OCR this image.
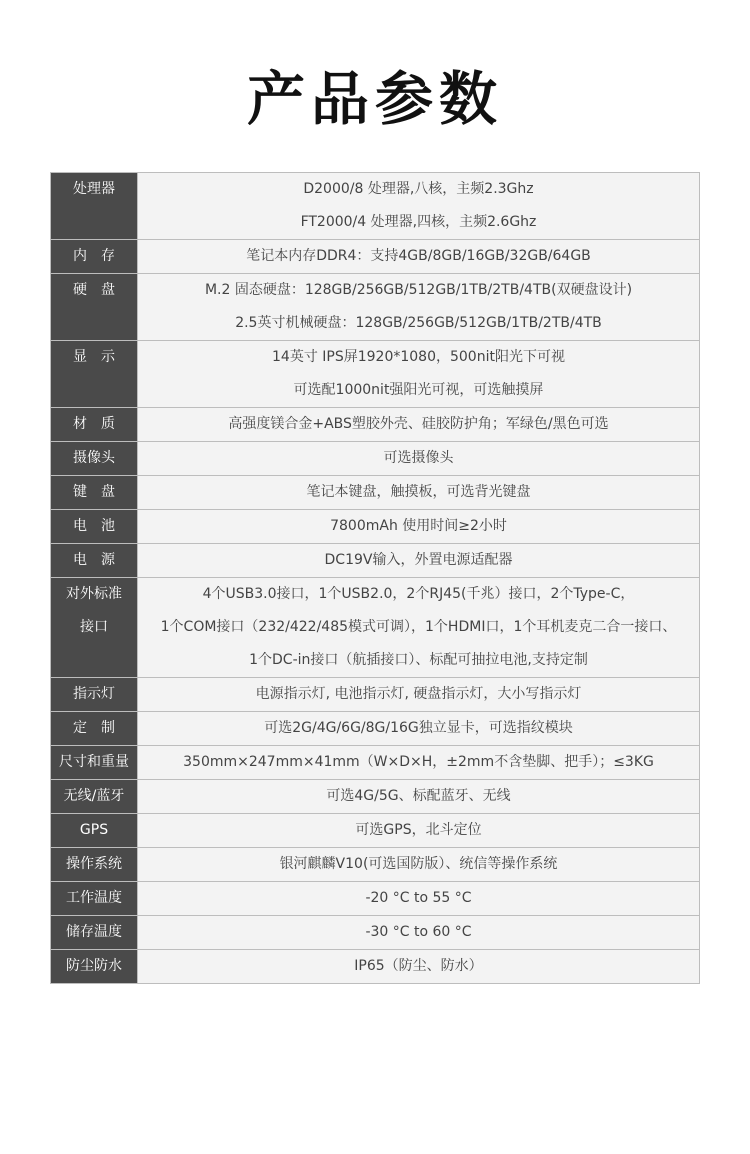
产品参数
处理器	D2000/8 处理器,八核，主频2.3Ghz
FT2000/4 处理器,四核，主频2.6Ghz

内　存	笔记本内存DDR4：支持4GB/8GB/16GB/32GB/64GB

硬　盘	M.2 固态硬盘：128GB/256GB/512GB/1TB/2TB/4TB(双硬盘设计)
2.5英寸机械硬盘：128GB/256GB/512GB/1TB/2TB/4TB

显　示	14英寸 IPS屏1920*1080，500nit阳光下可视
可选配1000nit强阳光可视，可选触摸屏

材　质	高强度镁合金+ABS塑胶外壳、硅胶防护角；军绿色/黑色可选

摄像头	可选摄像头

键　盘	笔记本键盘，触摸板，可选背光键盘

电　池	7800mAh 使用时间≥2小时

电　源	DC19V输入，外置电源适配器

对外标准
接口	4个USB3.0接口，1个USB2.0，2个RJ45(千兆）接口，2个Type-C，
1个COM接口（232/422/485模式可调），1个HDMI口，1个耳机麦克二合一接口、
1个DC-in接口（航插接口）、标配可抽拉电池,支持定制

指示灯	电源指示灯, 电池指示灯, 硬盘指示灯，大小写指示灯

定　制	可选2G/4G/6G/8G/16G独立显卡，可选指纹模块

尺寸和重量	350mm×247mm×41mm（W×D×H，±2mm不含垫脚、把手）；≤3KG

无线/蓝牙	可选4G/5G、标配蓝牙、无线

GPS	可选GPS，北斗定位

操作系统	银河麒麟V10(可选国防版）、统信等操作系统

工作温度	-20 °C to 55 °C

储存温度	-30 °C to 60 °C

防尘防水	IP65（防尘、防水）
